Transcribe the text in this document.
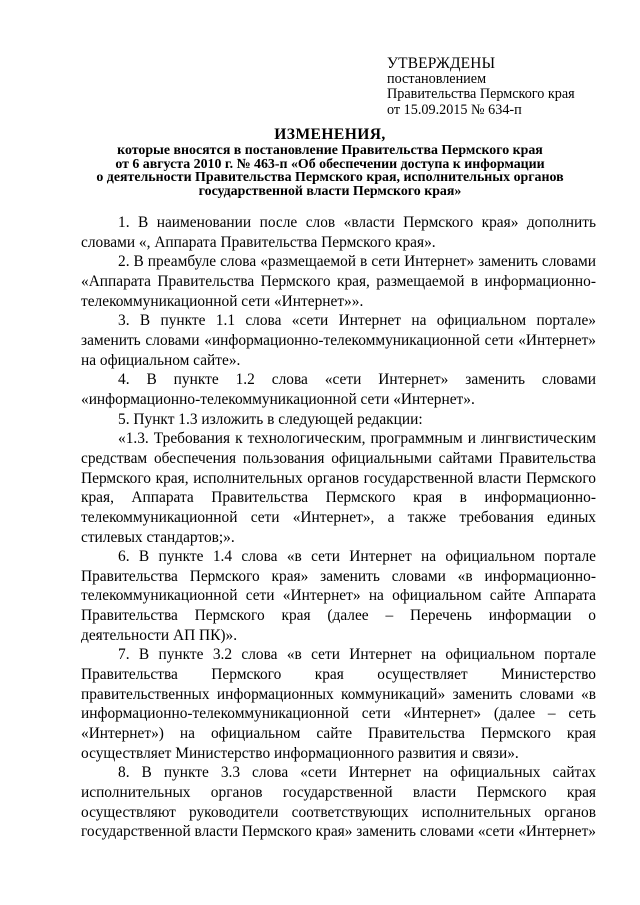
УТВЕРЖДЕНЫ
постановлением
Правительства Пермского края
от 15.09.2015 № 634-п
ИЗМЕНЕНИЯ,
которые вносятся в постановление Правительства Пермского края
от 6 августа 2010 г. № 463-п «Об обеспечении доступа к информации
о деятельности Правительства Пермского края, исполнительных органов
государственной власти Пермского края»

1. В наименовании после слов «власти Пермского края» дополнить словами «, Аппарата Правительства Пермского края».

2. В преамбуле слова «размещаемой в сети Интернет» заменить словами «Аппарата Правительства Пермского края, размещаемой в информационно-телекоммуникационной сети «Интернет»».

3. В пункте 1.1 слова «сети Интернет на официальном портале» заменить словами «информационно-телекоммуникационной сети «Интернет» на официальном сайте».

4. В пункте 1.2 слова «сети Интернет» заменить словами «информационно-телекоммуникационной сети «Интернет».

5. Пункт 1.3 изложить в следующей редакции:

«1.3. Требования к технологическим, программным и лингвистическим средствам обеспечения пользования официальными сайтами Правительства Пермского края, исполнительных органов государственной власти Пермского края, Аппарата Правительства Пермского края в информационно-телекоммуникационной сети «Интернет», а также требования единых стилевых стандартов;».

6. В пункте 1.4 слова «в сети Интернет на официальном портале Правительства Пермского края» заменить словами «в информационно-телекоммуникационной сети «Интернет» на официальном сайте Аппарата Правительства Пермского края (далее – Перечень информации о деятельности АП ПК)».

7. В пункте 3.2 слова «в сети Интернет на официальном портале Правительства Пермского края осуществляет Министерство правительственных информационных коммуникаций» заменить словами «в информационно-телекоммуникационной сети «Интернет» (далее – сеть «Интернет») на официальном сайте Правительства Пермского края осуществляет Министерство информационного развития и связи».

8. В пункте 3.3 слова «сети Интернет на официальных сайтах исполнительных органов государственной власти Пермского края осуществляют руководители соответствующих исполнительных органов государственной власти Пермского края» заменить словами «сети «Интернет»
